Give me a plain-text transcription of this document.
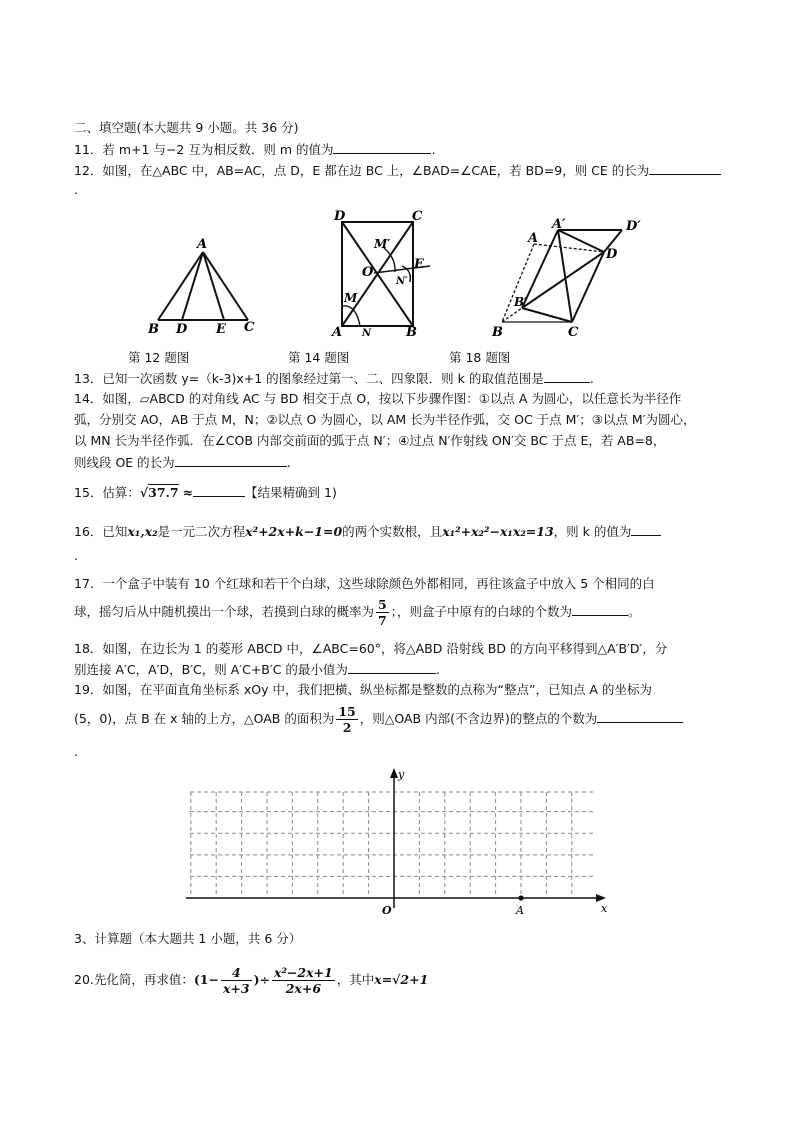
二、填空题(本大题共 9 小题。共 36 分)
11．若 m+1 与−2 互为相反数．则 m 的值为	.
12．如图，在△ABC 中，AB=AC，点 D，E 都在边 BC 上，∠BAD=∠CAE，若 BD=9，则 CE 的长为
.
A
B D E C
D	C
M′
O
E
N′
M
A N	B
A′	D′
A
D
B′
B	C
第 12 题图	第 14 题图	第 18 题图
13．已知一次函数 y=（k-3)x+1 的图象经过第一、二、四象限．则 k 的取值范围是	.
14．如图，▱ABCD 的对角线 AC 与 BD 相交于点 O，按以下步骤作图：①以点 A 为圆心，以任意长为半径作
弧，分别交 AO，AB 于点 M，N；②以点 O 为圆心，以 AM 长为半径作弧，交 OC 于点 M′；③以点 M′为圆心，
以 MN 长为半径作弧．在∠COB 内部交前面的弧于点 N′；④过点 N′作射线 ON′交 BC 于点 E，若 AB=8，
则线段 OE 的长为	.
15．估算：√37.7 ≈	【结果精确到 1)
16．已知x₁,x₂是一元二次方程x²+2x+k−1=0的两个实数根，且x₁²+x₂²−x₁x₂=13，则 k 的值为
.
17．一个盒子中装有 10 个红球和若干个白球，这些球除颜色外都相同，再往该盒子中放入 5 个相同的白
球，摇匀后从中随机摸出一个球，若摸到白球的概率为 $\frac{5}{7}$ ；，则盒子中原有的白球的个数为	。
18．如图，在边长为 1 的菱形 ABCD 中，∠ABC=60°，将△ABD 沿射线 BD 的方向平移得到△A′B′D′，分
别连接 A′C，A′D，B′C，则 A′C+B′C 的最小值为	.
19．如图，在平面直角坐标系 xOy 中，我们把横、纵坐标都是整数的点称为“整点”，已知点 A 的坐标为
(5，0)，点 B 在 x 轴的上方，△OAB 的面积为 $\frac{15}{2}$ ，则△OAB 内部(不含边界)的整点的个数为
.
y
x
O	A
3、计算题（本大题共 1 小题，共 6 分）
20.先化简，再求值：($1- \frac{4}{x+3}$ )÷ $\frac{\text{x²−2x+1}}{2x+6}$ ，其中x=√2+1
